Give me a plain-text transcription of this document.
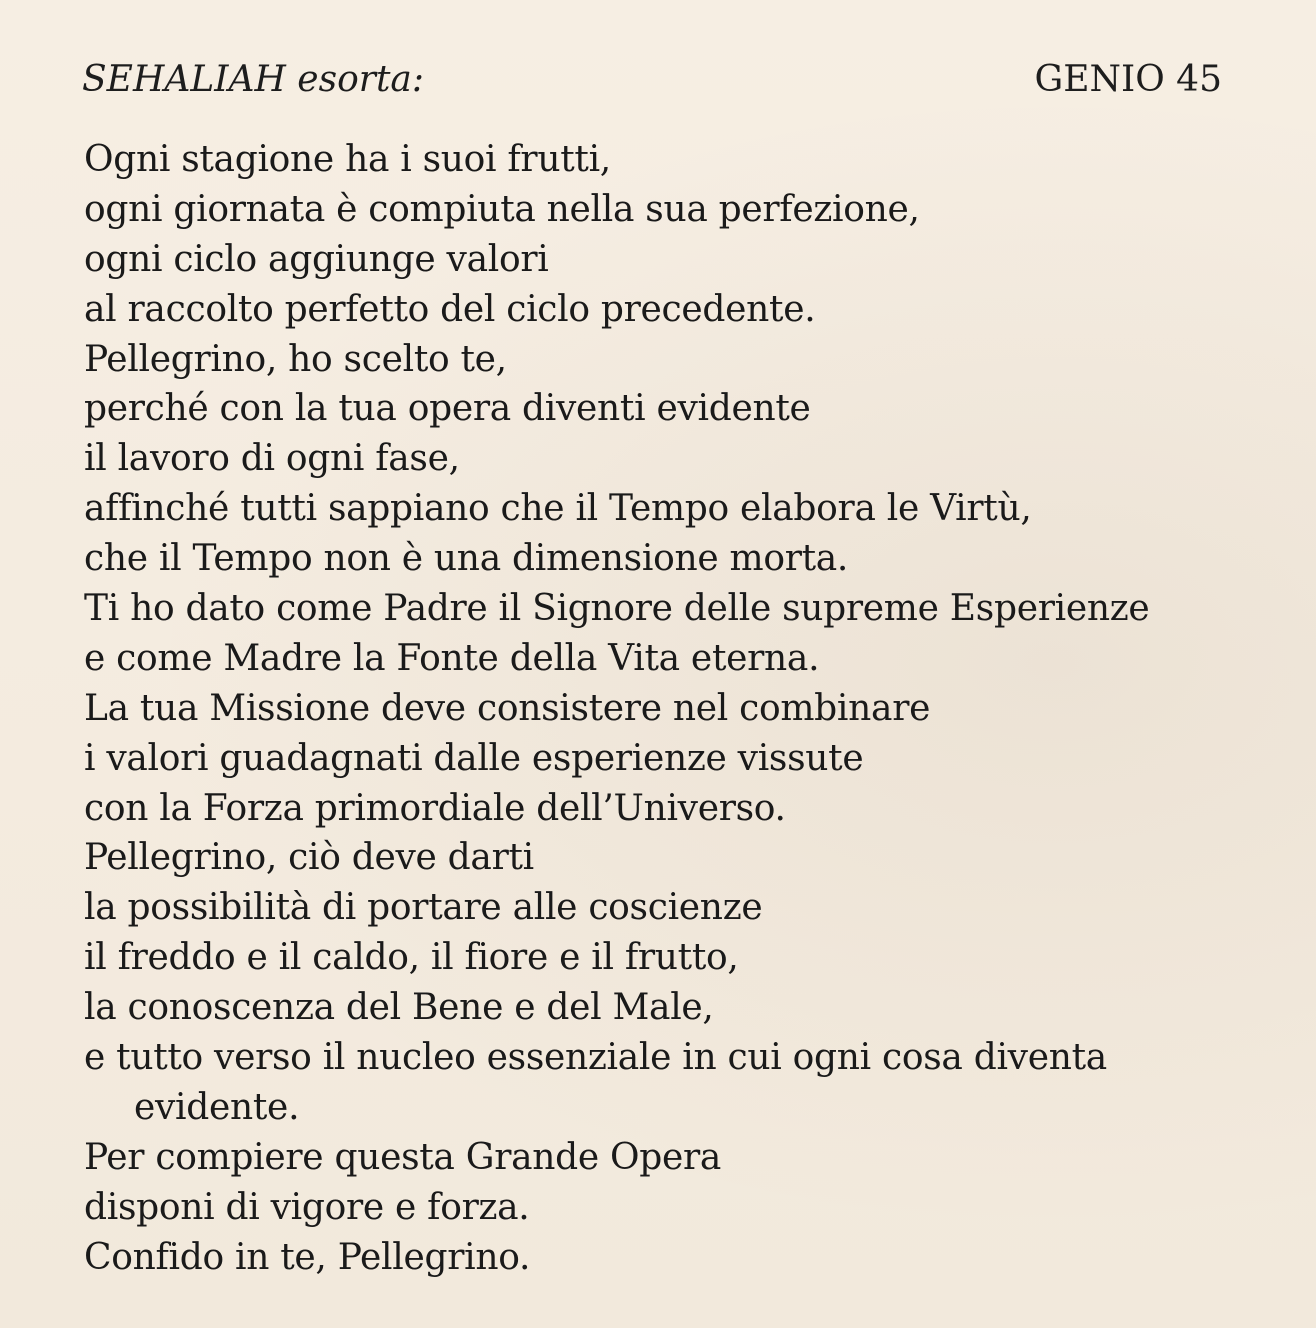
SEHALIAH esorta:	GENIO 45
Ogni stagione ha i suoi frutti,
ogni giornata è compiuta nella sua perfezione,
ogni ciclo aggiunge valori
al raccolto perfetto del ciclo precedente.
Pellegrino, ho scelto te,
perché con la tua opera diventi evidente
il lavoro di ogni fase,
affinché tutti sappiano che il Tempo elabora le Virtù,
che il Tempo non è una dimensione morta.
Ti ho dato come Padre il Signore delle supreme Esperienze
e come Madre la Fonte della Vita eterna.
La tua Missione deve consistere nel combinare
i valori guadagnati dalle esperienze vissute
con la Forza primordiale dell’Universo.
Pellegrino, ciò deve darti
la possibilità di portare alle coscienze
il freddo e il caldo, il fiore e il frutto,
la conoscenza del Bene e del Male,
e tutto verso il nucleo essenziale in cui ogni cosa diventa
evidente.
Per compiere questa Grande Opera
disponi di vigore e forza.
Confido in te, Pellegrino.
